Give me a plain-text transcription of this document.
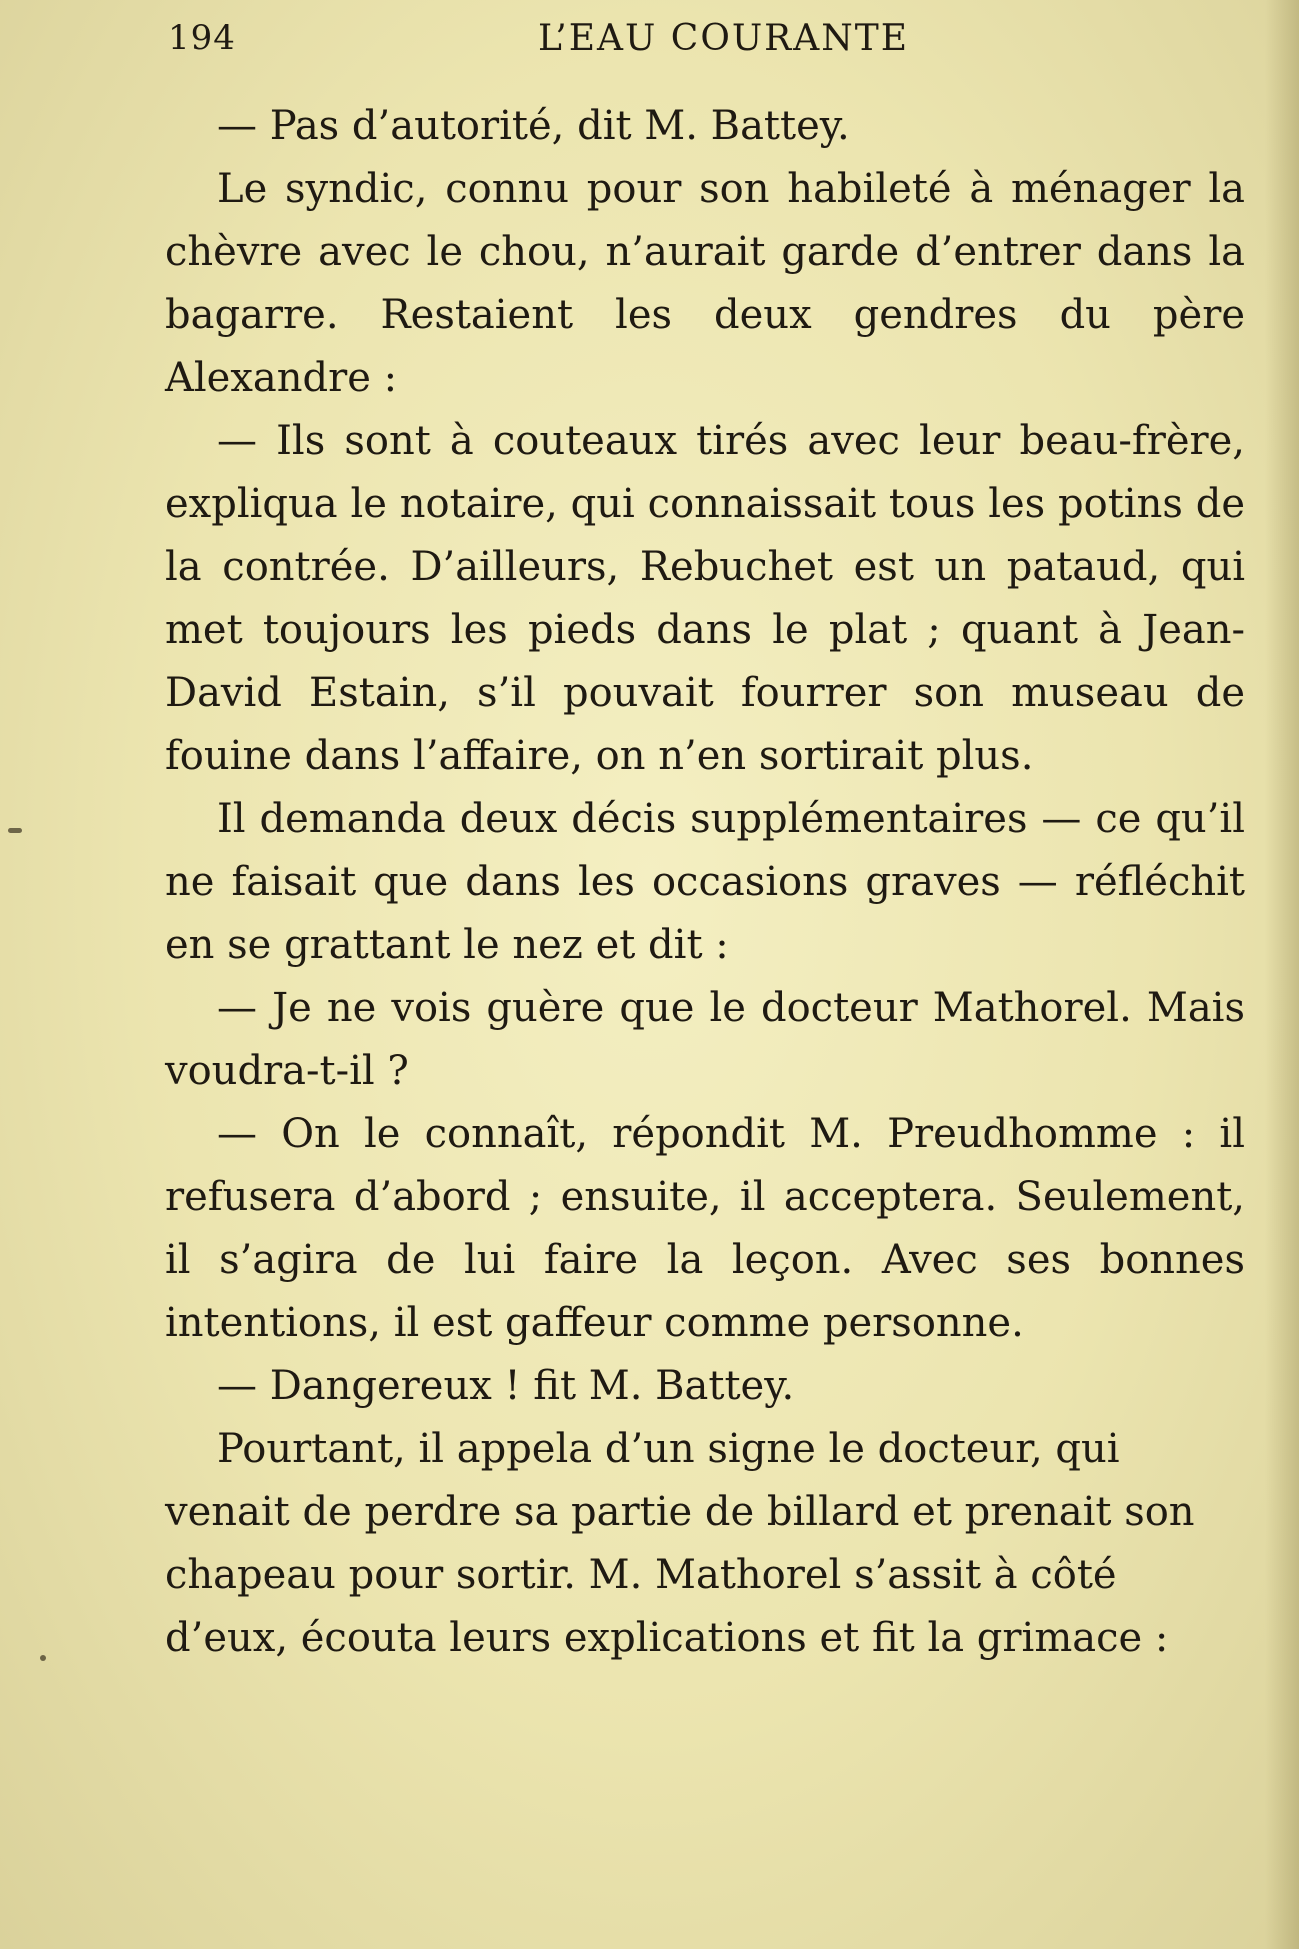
194	L’EAU COURANTE

— Pas d’autorité, dit M. Battey.

Le syndic, connu pour son habileté à ménager la chèvre avec le chou, n’aurait garde d’entrer dans la bagarre. Restaient les deux gendres du père Alexandre :

— Ils sont à couteaux tirés avec leur beau-frère, expliqua le notaire, qui connaissait tous les potins de la contrée. D’ailleurs, Rebuchet est un pataud, qui met toujours les pieds dans le plat ; quant à Jean-David Estain, s’il pouvait fourrer son museau de fouine dans l’affaire, on n’en sortirait plus.

Il demanda deux décis supplémentaires — ce qu’il ne faisait que dans les occasions graves — réfléchit en se grattant le nez et dit :

— Je ne vois guère que le docteur Mathorel. Mais voudra-t-il ?

— On le connaît, répondit M. Preudhomme : il refusera d’abord ; ensuite, il acceptera. Seulement, il s’agira de lui faire la leçon. Avec ses bonnes intentions, il est gaffeur comme personne.

— Dangereux ! fit M. Battey.

Pourtant, il appela d’un signe le docteur, qui venait de perdre sa partie de billard et prenait son chapeau pour sortir. M. Mathorel s’assit à côté d’eux, écouta leurs explications et fit la grimace :
